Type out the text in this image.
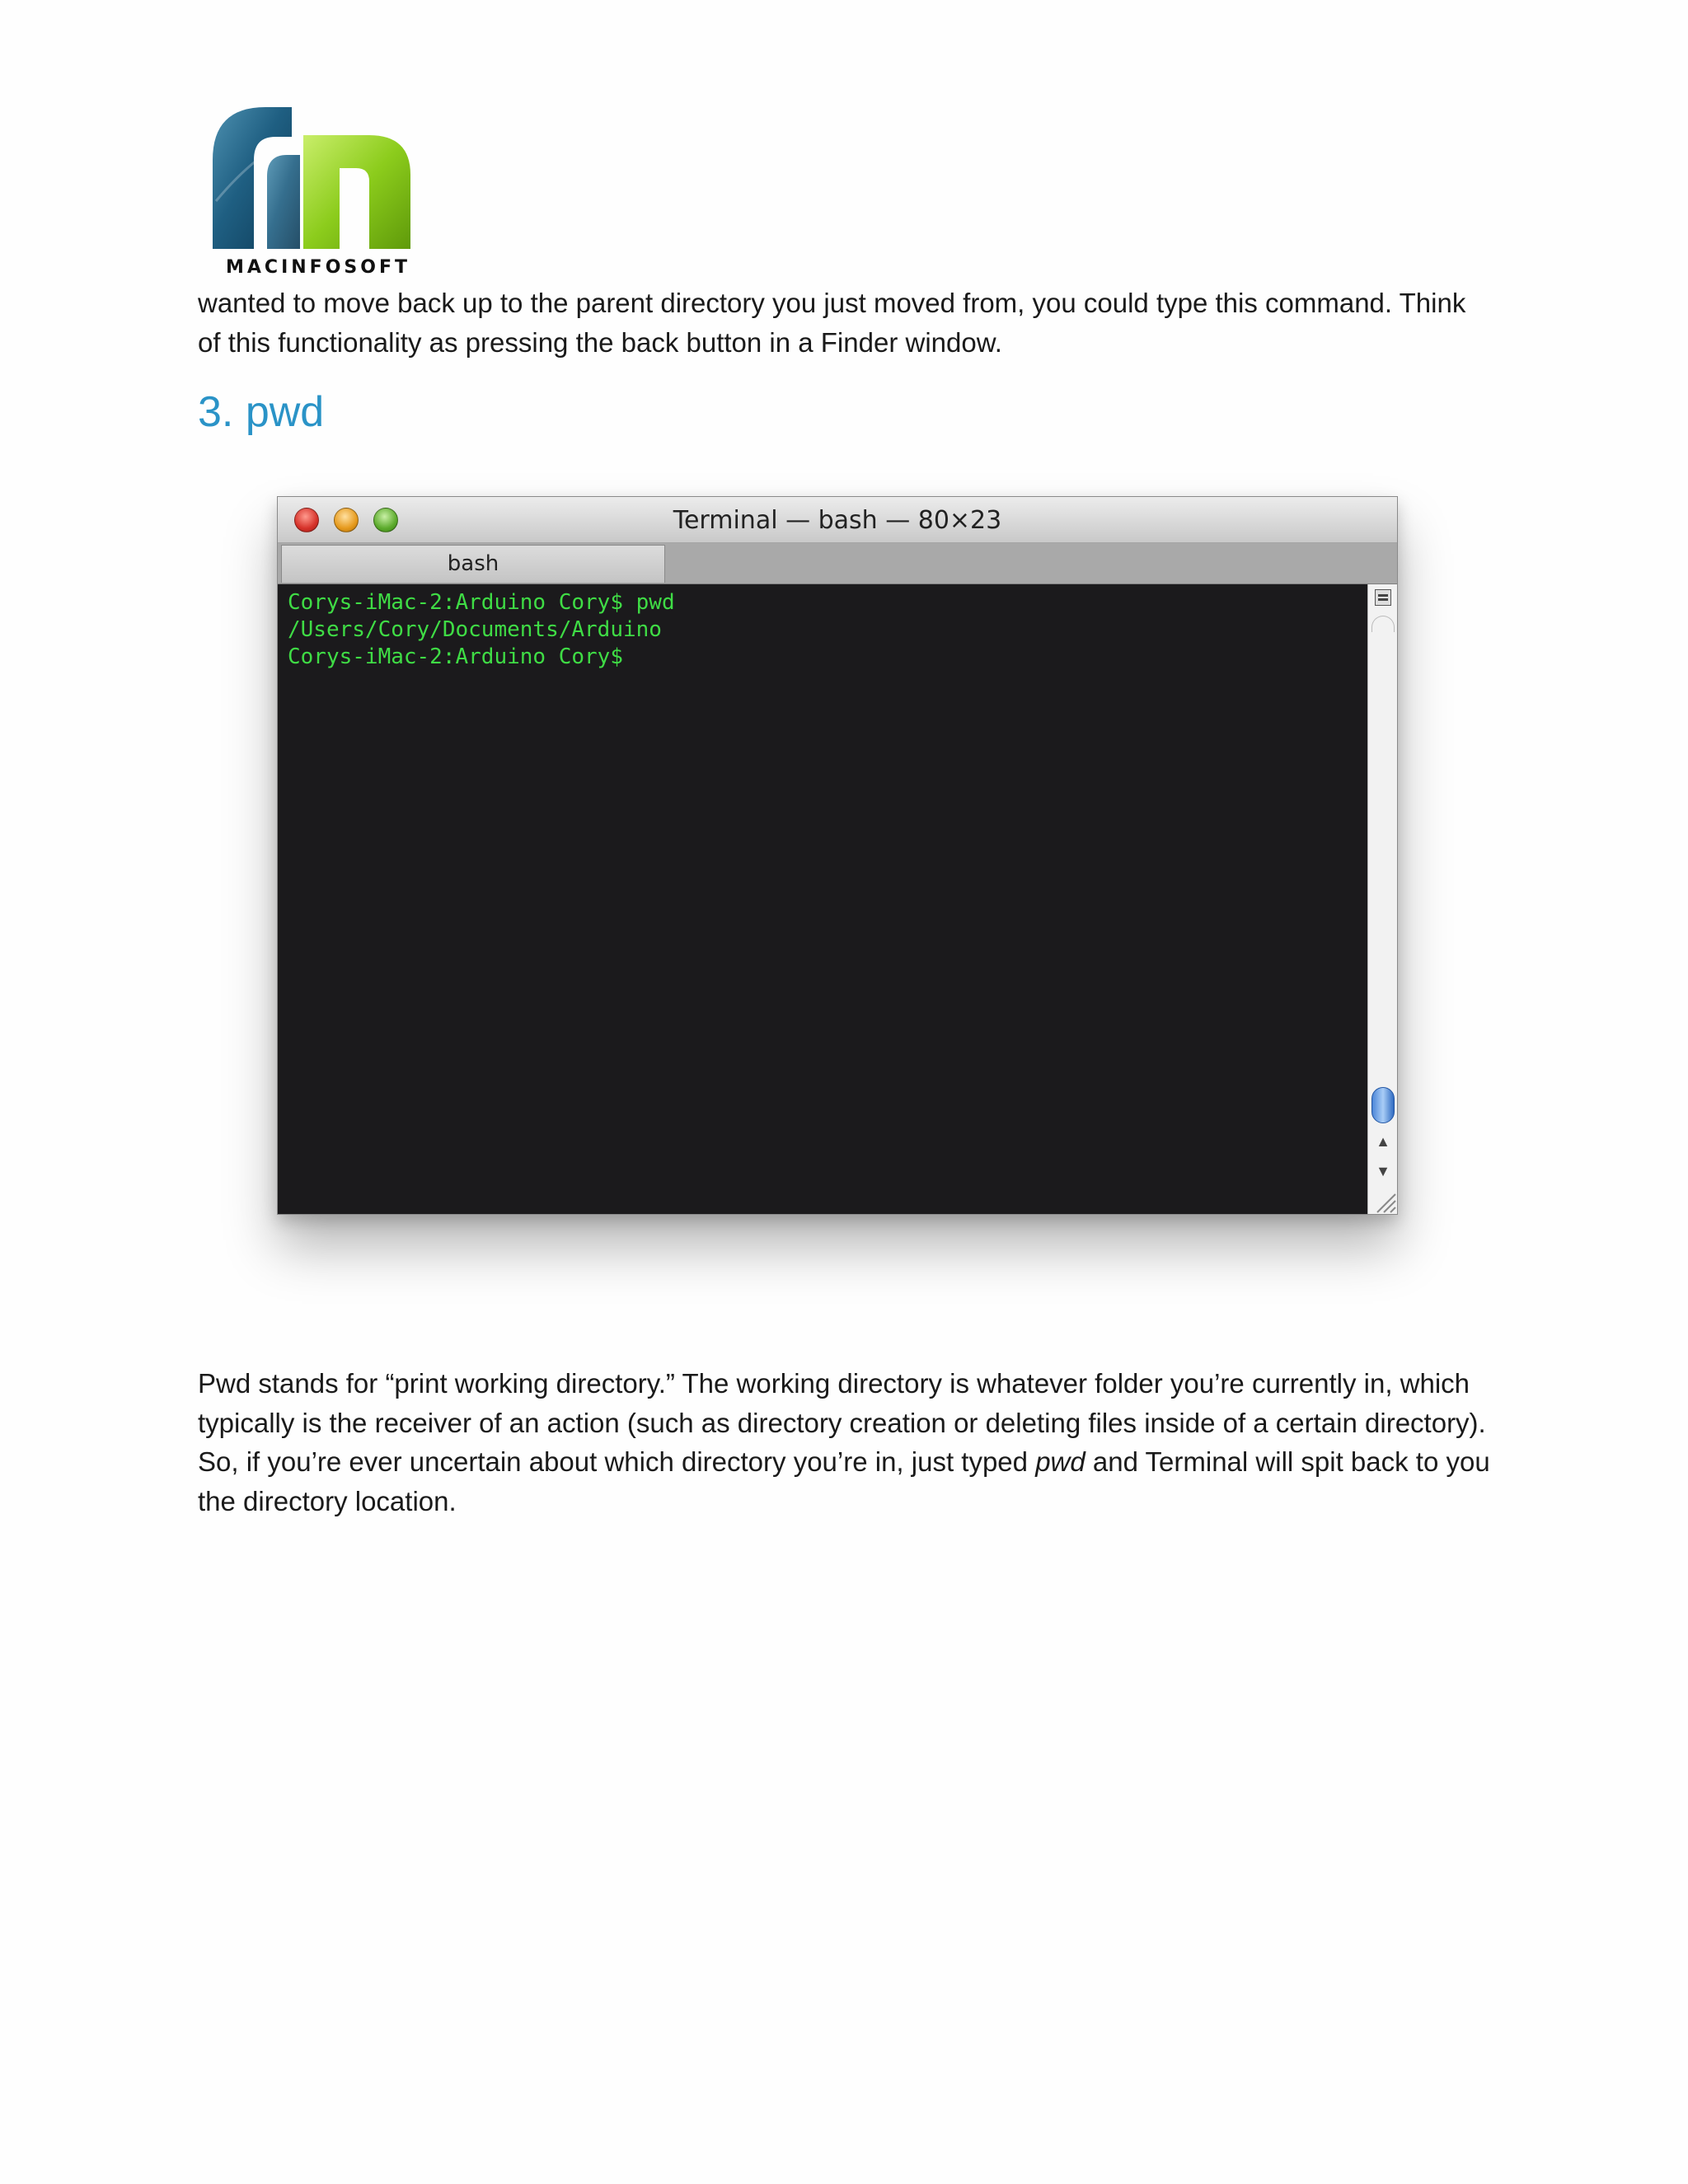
MACINFOSOFT

wanted to move back up to the parent directory you just moved from, you could type this command. Think of this functionality as pressing the back button in a Finder window.

3. pwd
Terminal — bash — 80×23
bash
Corys-iMac-2:Arduino Cory$ pwd
/Users/Cory/Documents/Arduino
Corys-iMac-2:Arduino Cory$
▲
▼

Pwd stands for “print working directory.” The working directory is whatever folder you’re currently in, which typically is the receiver of an action (such as directory creation or deleting files inside of a certain directory). So, if you’re ever uncertain about which directory you’re in, just typed pwd and Terminal will spit back to you the directory location.
